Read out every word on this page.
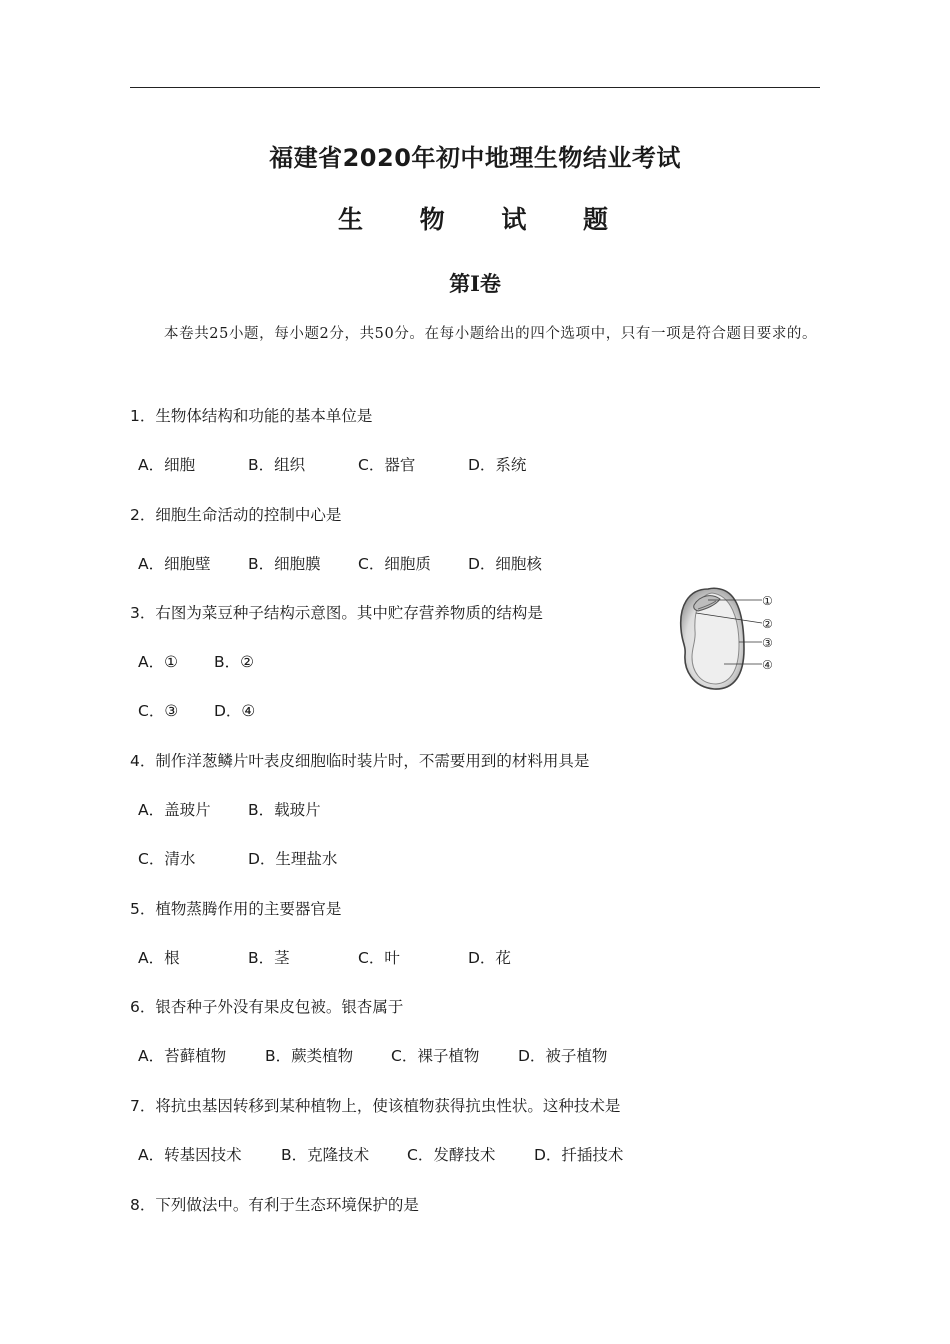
福建省2020年初中地理生物结业考试
生 物 试 题
第Ⅰ卷

本卷共25小题，每小题2分，共50分。在每小题给出的四个选项中，只有一项是符合题目要求的。

1．生物体结构和功能的基本单位是
A．细胞	B．组织	C．器官	D．系统
2．细胞生命活动的控制中心是
A．细胞壁 B．细胞膜 C．细胞质 D．细胞核
3．右图为菜豆种子结构示意图。其中贮存营养物质的结构是
A．① B．②
C．③ D．④
①
②
③
④
4．制作洋葱鳞片叶表皮细胞临时装片时，不需要用到的材料用具是
A．盖玻片 B．载玻片
C．清水	D．生理盐水
5．植物蒸腾作用的主要器官是
A．根	B．茎	C．叶	D．花
6．银杏种子外没有果皮包被。银杏属于
A．苔藓植物	B．蕨类植物 C．裸子植物 D．被子植物
7．将抗虫基因转移到某种植物上，使该植物获得抗虫性状。这种技术是
A．转基因技术	B．克隆技术 C．发酵技术 D．扦插技术
8．下列做法中。有利于生态环境保护的是
